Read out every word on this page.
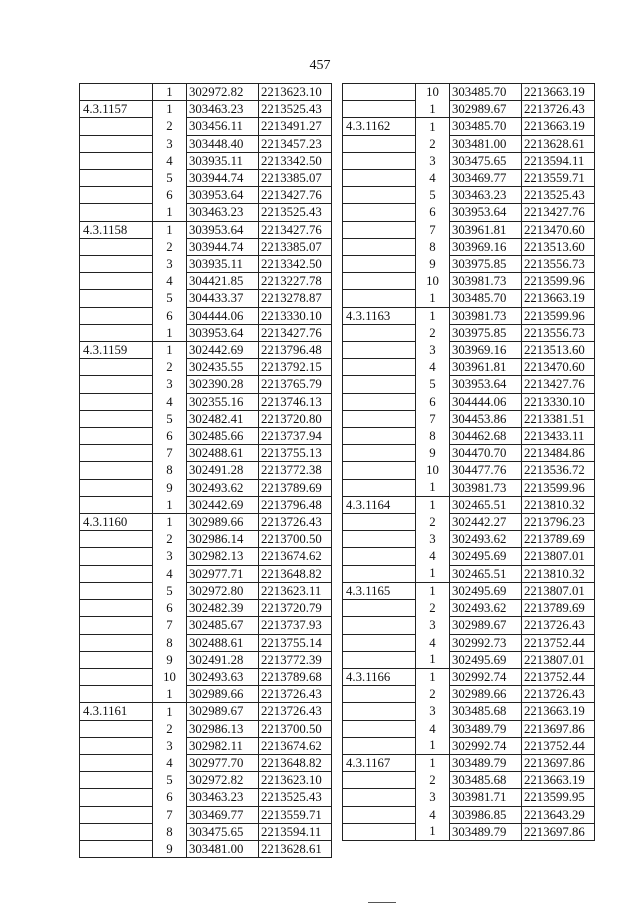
457
	1	302972.82	2213623.10
4.3.1157	1	303463.23	2213525.43
	2	303456.11	2213491.27
	3	303448.40	2213457.23
	4	303935.11	2213342.50
	5	303944.74	2213385.07
	6	303953.64	2213427.76
	1	303463.23	2213525.43
4.3.1158	1	303953.64	2213427.76
	2	303944.74	2213385.07
	3	303935.11	2213342.50
	4	304421.85	2213227.78
	5	304433.37	2213278.87
	6	304444.06	2213330.10
	1	303953.64	2213427.76
4.3.1159	1	302442.69	2213796.48
	2	302435.55	2213792.15
	3	302390.28	2213765.79
	4	302355.16	2213746.13
	5	302482.41	2213720.80
	6	302485.66	2213737.94
	7	302488.61	2213755.13
	8	302491.28	2213772.38
	9	302493.62	2213789.69
	1	302442.69	2213796.48
4.3.1160	1	302989.66	2213726.43
	2	302986.14	2213700.50
	3	302982.13	2213674.62
	4	302977.71	2213648.82
	5	302972.80	2213623.11
	6	302482.39	2213720.79
	7	302485.67	2213737.93
	8	302488.61	2213755.14
	9	302491.28	2213772.39
	10	302493.63	2213789.68
	1	302989.66	2213726.43
4.3.1161	1	302989.67	2213726.43
	2	302986.13	2213700.50
	3	302982.11	2213674.62
	4	302977.70	2213648.82
	5	302972.82	2213623.10
	6	303463.23	2213525.43
	7	303469.77	2213559.71
	8	303475.65	2213594.11
	9	303481.00	2213628.61
	10	303485.70	2213663.19
	1	302989.67	2213726.43
4.3.1162	1	303485.70	2213663.19
	2	303481.00	2213628.61
	3	303475.65	2213594.11
	4	303469.77	2213559.71
	5	303463.23	2213525.43
	6	303953.64	2213427.76
	7	303961.81	2213470.60
	8	303969.16	2213513.60
	9	303975.85	2213556.73
	10	303981.73	2213599.96
	1	303485.70	2213663.19
4.3.1163	1	303981.73	2213599.96
	2	303975.85	2213556.73
	3	303969.16	2213513.60
	4	303961.81	2213470.60
	5	303953.64	2213427.76
	6	304444.06	2213330.10
	7	304453.86	2213381.51
	8	304462.68	2213433.11
	9	304470.70	2213484.86
	10	304477.76	2213536.72
	1	303981.73	2213599.96
4.3.1164	1	302465.51	2213810.32
	2	302442.27	2213796.23
	3	302493.62	2213789.69
	4	302495.69	2213807.01
	1	302465.51	2213810.32
4.3.1165	1	302495.69	2213807.01
	2	302493.62	2213789.69
	3	302989.67	2213726.43
	4	302992.73	2213752.44
	1	302495.69	2213807.01
4.3.1166	1	302992.74	2213752.44
	2	302989.66	2213726.43
	3	303485.68	2213663.19
	4	303489.79	2213697.86
	1	302992.74	2213752.44
4.3.1167	1	303489.79	2213697.86
	2	303485.68	2213663.19
	3	303981.71	2213599.95
	4	303986.85	2213643.29
	1	303489.79	2213697.86
